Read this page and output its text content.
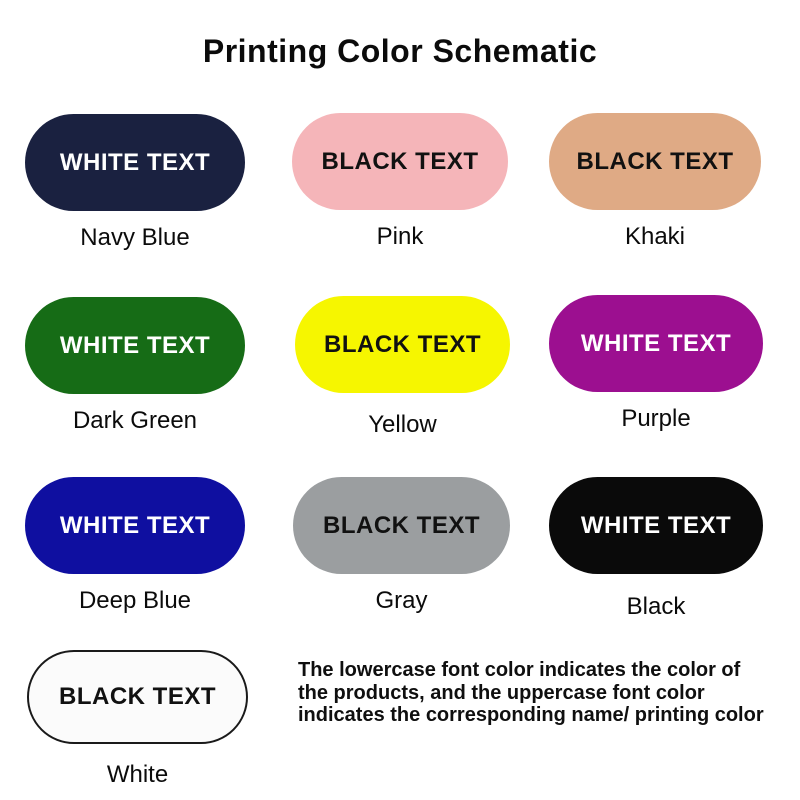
Printing Color Schematic
WHITE TEXT
Navy Blue
BLACK TEXT
Pink
BLACK TEXT
Khaki
WHITE TEXT
Dark Green
BLACK TEXT
Yellow
WHITE TEXT
Purple
WHITE TEXT
Deep Blue
BLACK TEXT
Gray
WHITE TEXT
Black
BLACK TEXT
White
The lowercase font color indicates the color of
the products, and the uppercase font color
indicates the corresponding name/ printing color
